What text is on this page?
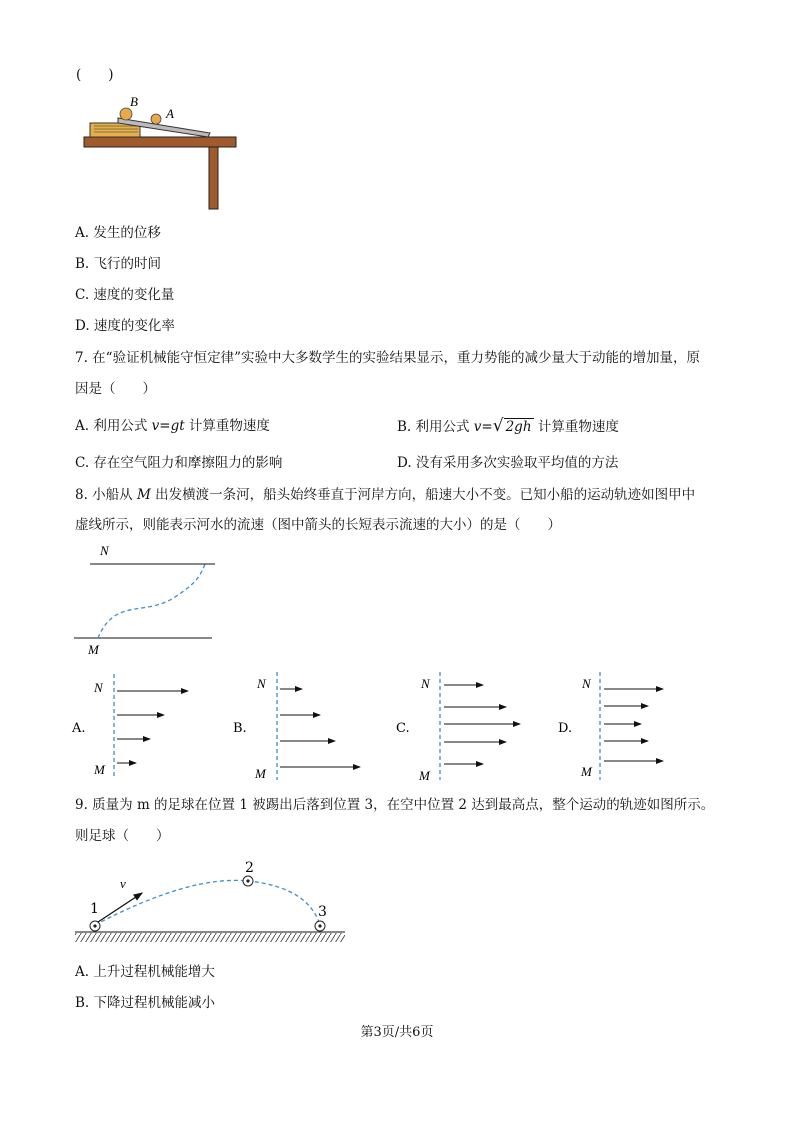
(　　)
B
A
A. 发生的位移
B. 飞行的时间
C. 速度的变化量
D. 速度的变化率
7. 在“验证机械能守恒定律”实验中大多数学生的实验结果显示，重力势能的减少量大于动能的增加量，原
因是（　　）
A. 利用公式 v=gt 计算重物速度	B. 利用公式 v=√ 2gh 计算重物速度
C. 存在空气阻力和摩擦阻力的影响	D. 没有采用多次实验取平均值的方法
8. 小船从 M 出发横渡一条河，船头始终垂直于河岸方向，船速大小不变。已知小船的运动轨迹如图甲中
虚线所示，则能表示河水的流速（图中箭头的长短表示流速的大小）的是（　　）
N
M
A.
N
M
B.
N
M
C.
N
M
D.
N
M
9. 质量为 m 的足球在位置 1 被踢出后落到位置 3，在空中位置 2 达到最高点，整个运动的轨迹如图所示。
则足球（　　）
v
1
2
3
A. 上升过程机械能增大
B. 下降过程机械能减小
第3页/共6页
